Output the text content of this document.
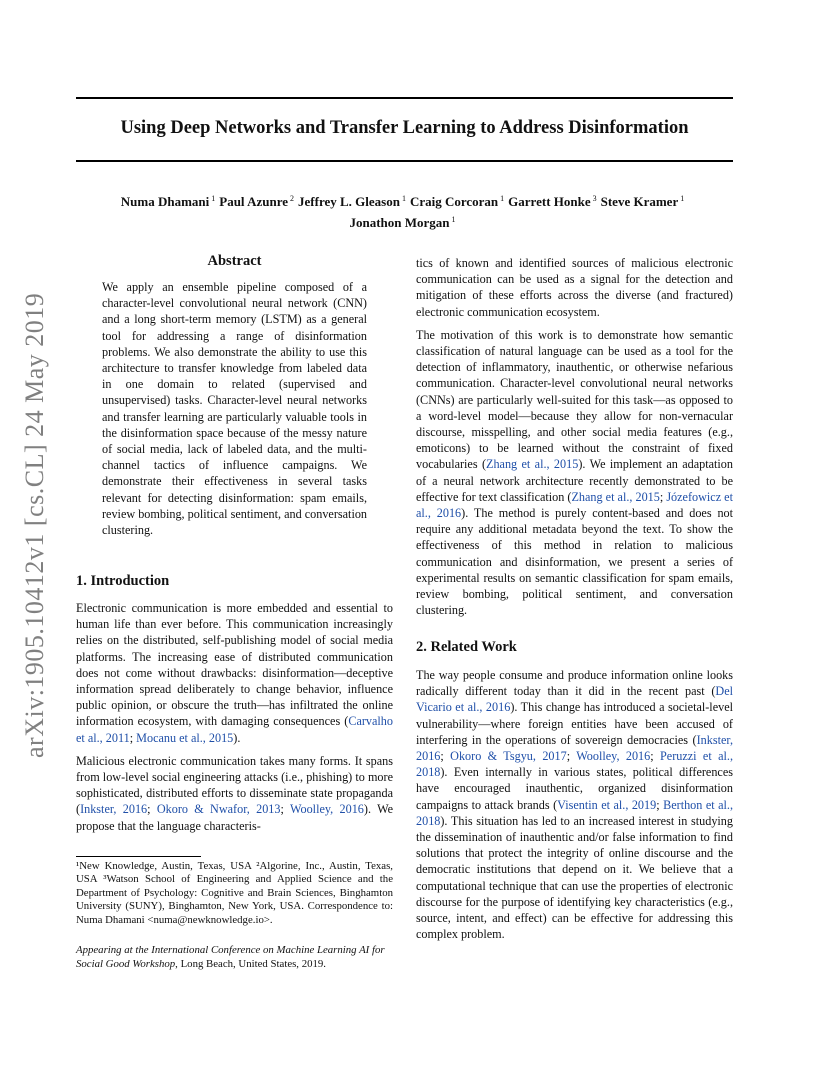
Using Deep Networks and Transfer Learning to Address Disinformation
Numa Dhamani $^1$ Paul Azunre $^2$ Jeffrey L. Gleason $^1$ Craig Corcoran $^1$ Garrett Honke $^3$ Steve Kramer $^1$
Jonathon Morgan $^1$
arXiv:1905.10412v1 [cs.CL] 24 May 2019
Abstract
We apply an ensemble pipeline composed of a character-level convolutional neural network (CNN) and a long short-term memory (LSTM) as a general tool for addressing a range of disinformation problems. We also demonstrate the ability to use this architecture to transfer knowledge from labeled data in one domain to related (supervised and unsupervised) tasks. Character-level neural networks and transfer learning are particularly valuable tools in the disinformation space because of the messy nature of social media, lack of labeled data, and the multi-channel tactics of influence campaigns. We demonstrate their effectiveness in several tasks relevant for detecting disinformation: spam emails, review bombing, political sentiment, and conversation clustering.
1. Introduction

Electronic communication is more embedded and essential to human life than ever before. This communication increasingly relies on the distributed, self-publishing model of social media platforms. The increasing ease of distributed communication does not come without drawbacks: disinformation—deceptive information spread deliberately to change behavior, influence public opinion, or obscure the truth—has infiltrated the online information ecosystem, with damaging consequences (Carvalho et al., 2011; Mocanu et al., 2015).

Malicious electronic communication takes many forms. It spans from low-level social engineering attacks (i.e., phishing) to more sophisticated, distributed efforts to disseminate state propaganda (Inkster, 2016; Okoro & Nwafor, 2013; Woolley, 2016). We propose that the language characteris-

¹New Knowledge, Austin, Texas, USA ²Algorine, Inc., Austin, Texas, USA ³Watson School of Engineering and Applied Science and the Department of Psychology: Cognitive and Brain Sciences, Binghamton University (SUNY), Binghamton, New York, USA. Correspondence to: Numa Dhamani <numa@newknowledge.io>.
Appearing at the International Conference on Machine Learning AI for Social Good Workshop, Long Beach, United States, 2019.

tics of known and identified sources of malicious electronic communication can be used as a signal for the detection and mitigation of these efforts across the diverse (and fractured) electronic communication ecosystem.

The motivation of this work is to demonstrate how semantic classification of natural language can be used as a tool for the detection of inflammatory, inauthentic, or otherwise nefarious communication. Character-level convolutional neural networks (CNNs) are particularly well-suited for this task—as opposed to a word-level model—because they allow for non-vernacular discourse, misspelling, and other social media features (e.g., emoticons) to be learned without the constraint of fixed vocabularies (Zhang et al., 2015). We implement an adaptation of a neural network architecture recently demonstrated to be effective for text classification (Zhang et al., 2015; Józefowicz et al., 2016). The method is purely content-based and does not require any additional metadata beyond the text. To show the effectiveness of this method in relation to malicious communication and disinformation, we present a series of experimental results on semantic classification for spam emails, review bombing, political sentiment, and conversation clustering.

2. Related Work

The way people consume and produce information online looks radically different today than it did in the recent past (Del Vicario et al., 2016). This change has introduced a societal-level vulnerability—where foreign entities have been accused of interfering in the operations of sovereign democracies (Inkster, 2016; Okoro & Tsgyu, 2017; Woolley, 2016; Peruzzi et al., 2018). Even internally in various states, political differences have encouraged inauthentic, organized disinformation campaigns to attack brands (Visentin et al., 2019; Berthon et al., 2018). This situation has led to an increased interest in studying the dissemination of inauthentic and/or false information to find solutions that protect the integrity of online discourse and the democratic institutions that depend on it. We believe that a computational technique that can use the properties of electronic discourse for the purpose of identifying key characteristics (e.g., source, intent, and effect) can be effective for addressing this complex problem.
